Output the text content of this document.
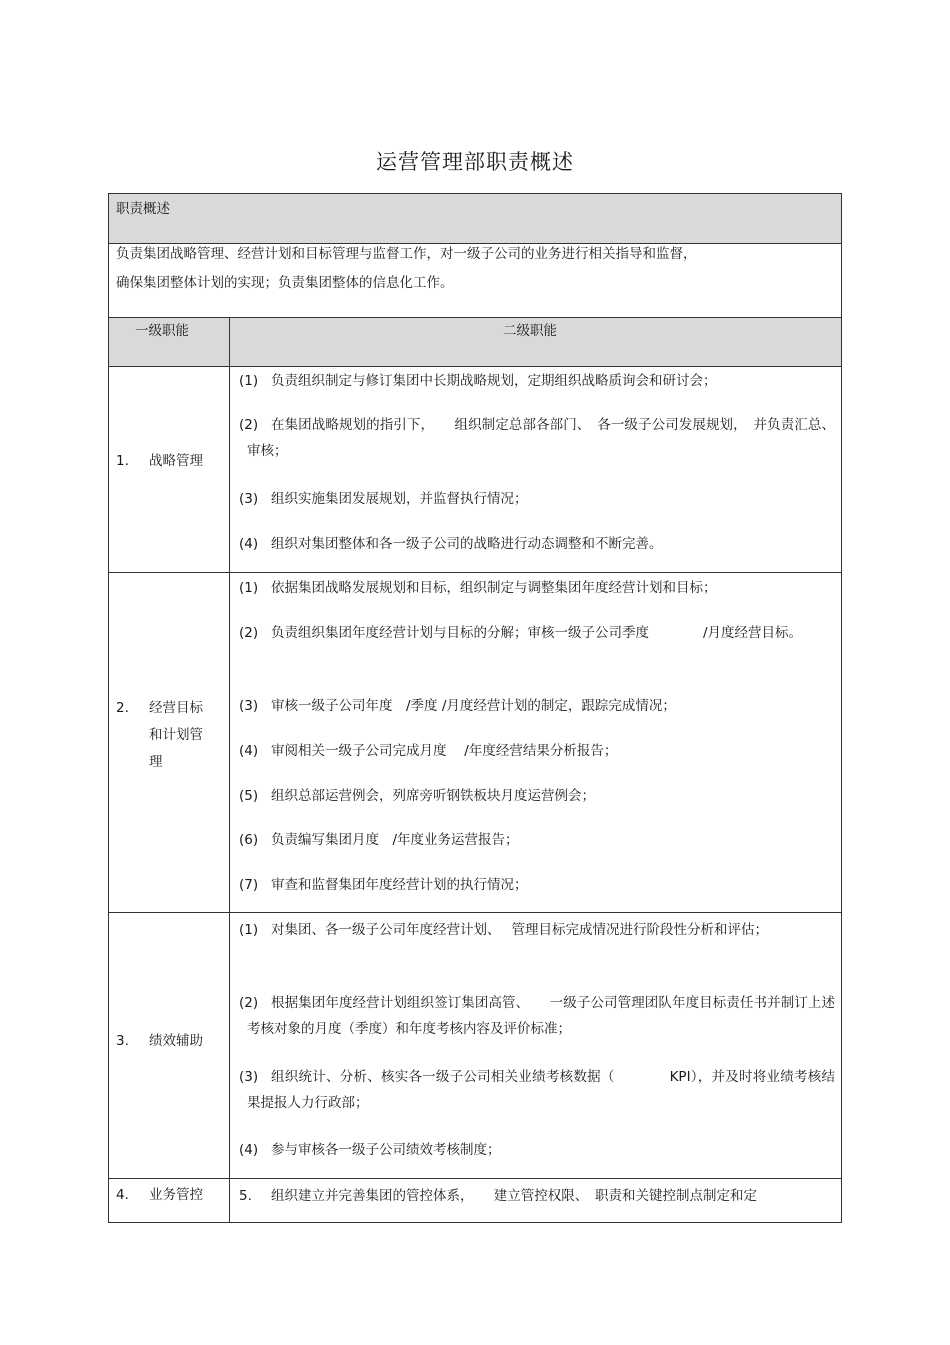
运营管理部职责概述
职责概述
负责集团战略管理、经营计划和目标管理与监督工作，对一级子公司的业务进行相关指导和监督，
确保集团整体计划的实现；负责集团整体的信息化工作。
一级职能	二级职能
1. 战略管理
(1) 负责组织制定与修订集团中长期战略规划，定期组织战略质询会和研讨会；
(2) 在集团战略规划的指引下，　　组织制定总部各部门、　各一级子公司发展规划，　并负责汇总、审核；
(3) 组织实施集团发展规划，并监督执行情况；
(4) 组织对集团整体和各一级子公司的战略进行动态调整和不断完善。
2. 经营目标和计划管理
(1) 依据集团战略发展规划和目标，组织制定与调整集团年度经营计划和目标；
(2) 负责组织集团年度经营计划与目标的分解；审核一级子公司季度　　　　/月度经营目标。
(3) 审核一级子公司年度　/季度 /月度经营计划的制定，跟踪完成情况；
(4) 审阅相关一级子公司完成月度　 /年度经营结果分析报告；
(5) 组织总部运营例会，列席旁听钢铁板块月度运营例会；
(6) 负责编写集团月度　/年度业务运营报告；
(7) 审查和监督集团年度经营计划的执行情况；
3. 绩效辅助
(1) 对集团、各一级子公司年度经营计划、　 管理目标完成情况进行阶段性分析和评估；
(2) 根据集团年度经营计划组织签订集团高管、　　一级子公司管理团队年度目标责任书并制订上述考核对象的月度（季度）和年度考核内容及评价标准；
(3) 组织统计、分析、核实各一级子公司相关业绩考核数据（　　　　KPI），并及时将业绩考核结果提报人力行政部；
(4) 参与审核各一级子公司绩效考核制度；
4. 业务管控	5.	组织建立并完善集团的管控体系，　　建立管控权限、　职责和关键控制点制定和定
